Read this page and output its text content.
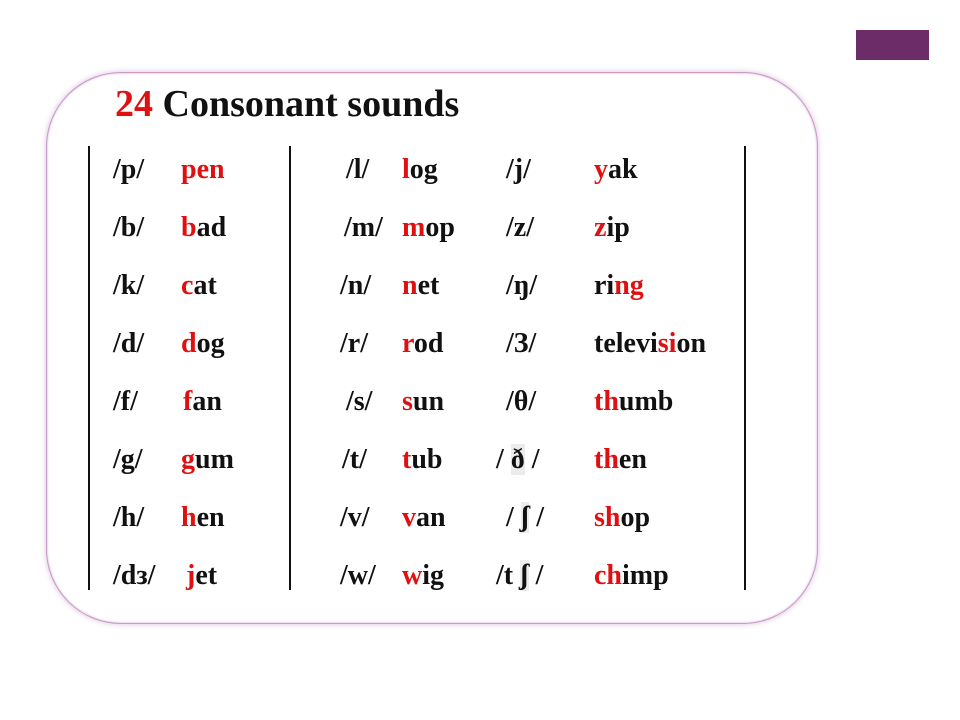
24 Consonant sounds
/p/ pen	/l/ log /j/ yak
/b/ bad	/m/ mop /z/ zip
/k/ cat	/n/ net /ŋ/ ring
/d/ dog	/r/ rod /З/ television
/f/ fan	/s/ sun /θ/ thumb
/g/ gum	/t/ tub / ð / then
/h/ hen	/v/ van / ʃ / shop
/dз/ jet	/w/ wig /t ʃ / chimp
